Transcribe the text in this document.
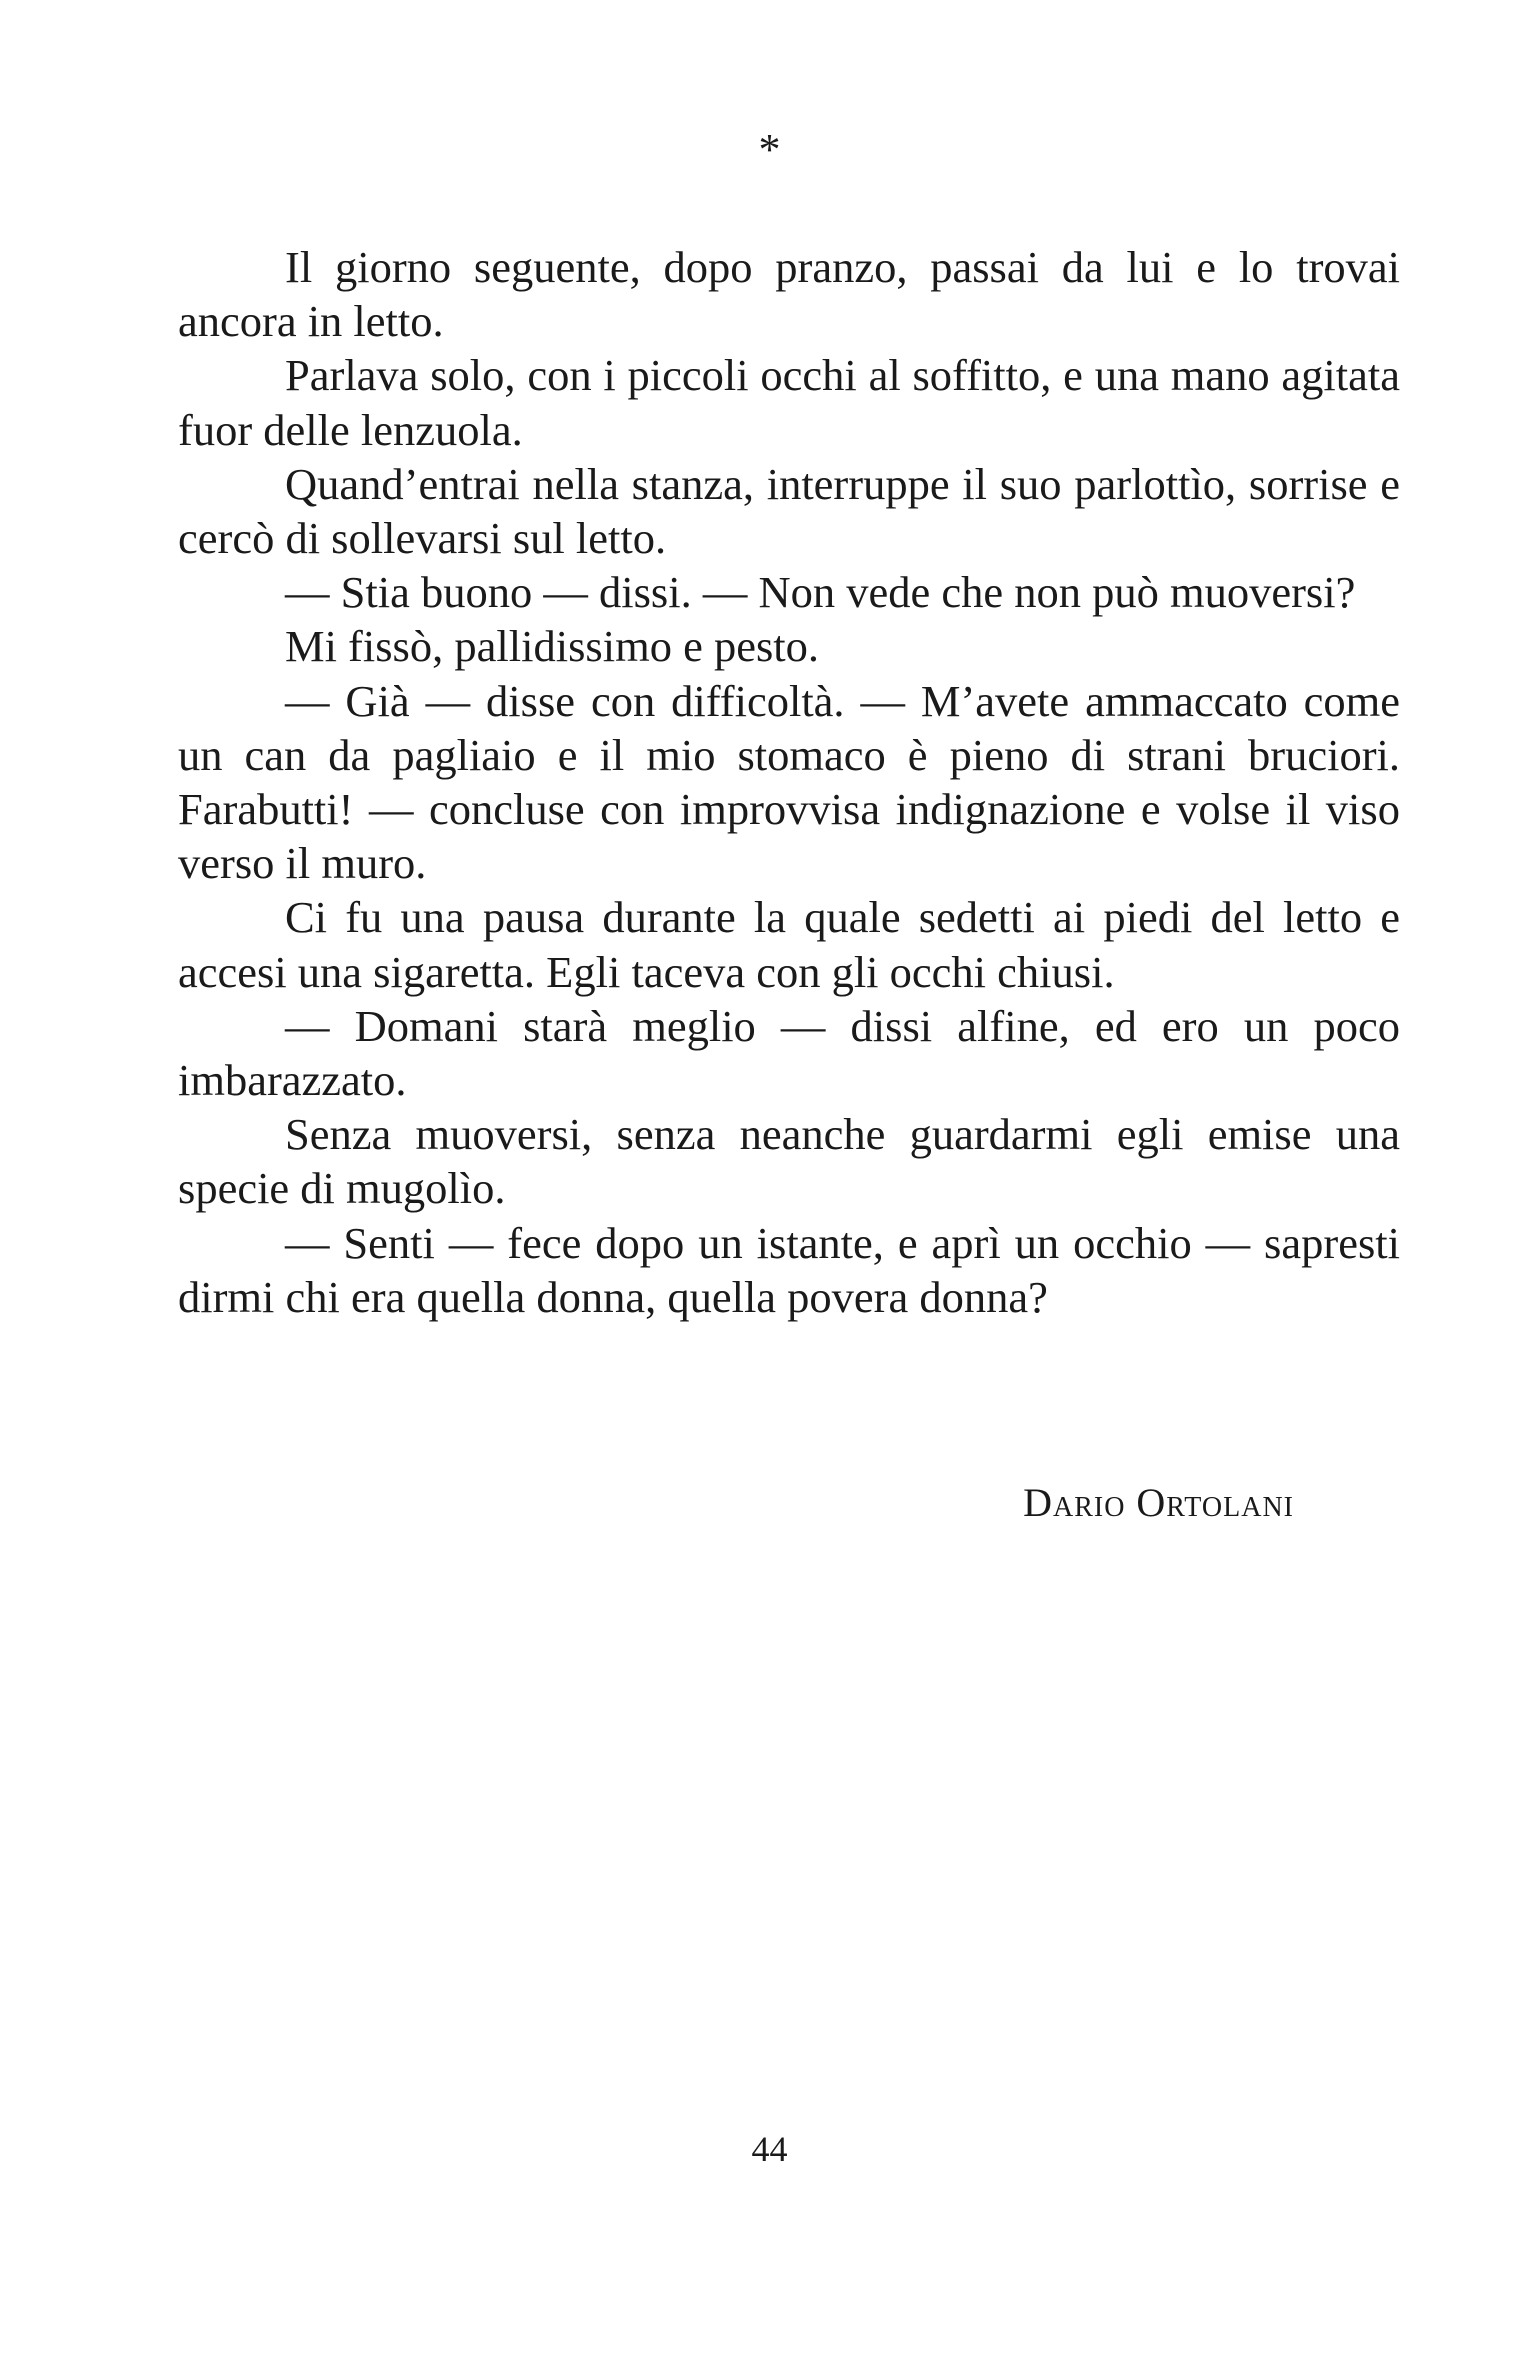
*

Il giorno seguente, dopo pranzo, passai da lui e lo trovai ancora in letto.

Parlava solo, con i piccoli occhi al soffitto, e una mano agitata fuor delle lenzuola.

Quand’entrai nella stanza, interruppe il suo parlottìo, sorrise e cercò di sollevarsi sul letto.

— Stia buono — dissi. — Non vede che non può muoversi?

Mi fissò, pallidissimo e pesto.

— Già — disse con difficoltà. — M’avete ammaccato come un can da pagliaio e il mio stomaco è pieno di strani bruciori. Farabutti! — concluse con improvvisa indignazione e volse il viso verso il muro.

Ci fu una pausa durante la quale sedetti ai piedi del letto e accesi una sigaretta. Egli taceva con gli occhi chiusi.

— Domani starà meglio — dissi alfine, ed ero un poco imbarazzato.

Senza muoversi, senza neanche guardarmi egli emise una specie di mugolìo.

— Senti — fece dopo un istante, e aprì un occhio — sapresti dirmi chi era quella donna, quella povera donna?

Dario Ortolani
44
